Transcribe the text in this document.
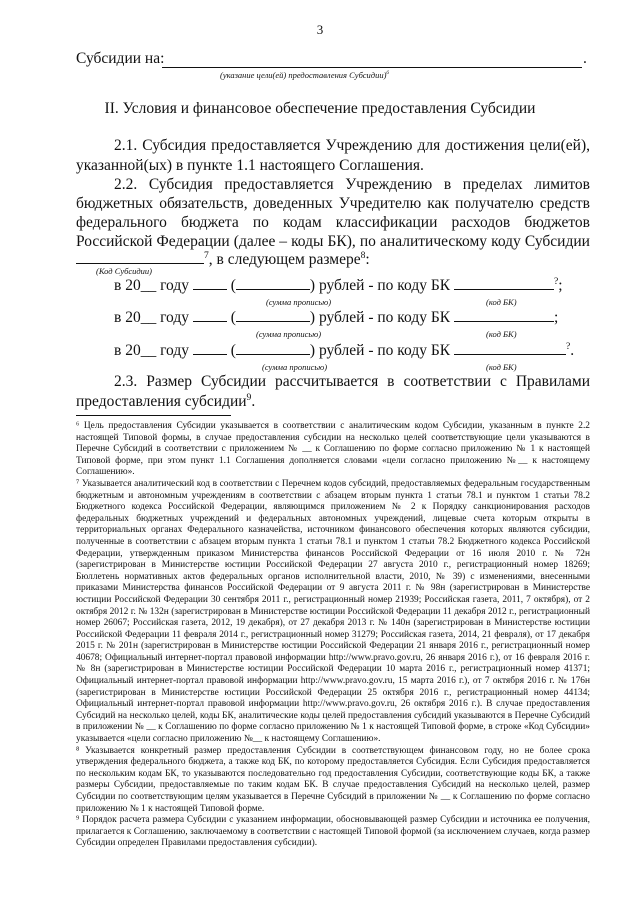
3
Субсидии на:	.
(указание цели(ей) предоставления Субсидии)$^6$
II. Условия и финансовое обеспечение предоставления Субсидии
2.1. Субсидия предоставляется Учреждению для достижения цели(ей),
указанной(ых) в пункте 1.1 настоящего Соглашения.
2.2. Субсидия предоставляется Учреждению в пределах лимитов
бюджетных обязательств, доведенных Учредителю как получателю средств
федерального бюджета по кодам классификации расходов бюджетов
Российской Федерации (далее – коды БК), по аналитическому коду Субсидии
$^7$, в следующем размере$^8$:
(Код Субсидии)
в 20__ году	(	) рублей - по коду БК	?;
(сумма прописью)	(код БК)
в 20__ году	(	) рублей - по коду БК	;
(сумма прописью)	(код БК)
в 20__ году	(	) рублей - по коду БК	?.
(сумма прописью)	(код БК)
2.3. Размер Субсидии рассчитывается в соответствии с Правилами
предоставления субсидии$^9$.

⁶ Цель предоставления Субсидии указывается в соответствии с аналитическим кодом Субсидии, указанным в пункте 2.2 настоящей Типовой формы, в случае предоставления субсидии на несколько целей соответствующие цели указываются в Перечне Субсидий в соответствии с приложением № __ к Соглашению по форме согласно приложению № 1 к настоящей Типовой форме, при этом пункт 1.1 Соглашения дополняется словами «цели согласно приложению №__ к настоящему Соглашению».

⁷ Указывается аналитический код в соответствии с Перечнем кодов субсидий, предоставляемых федеральным государственным бюджетным и автономным учреждениям в соответствии с абзацем вторым пункта 1 статьи 78.1 и пунктом 1 статьи 78.2 Бюджетного кодекса Российской Федерации, являющимся приложением № 2 к Порядку санкционирования расходов федеральных бюджетных учреждений и федеральных автономных учреждений, лицевые счета которым открыты в территориальных органах Федерального казначейства, источником финансового обеспечения которых являются субсидии, полученные в соответствии с абзацем вторым пункта 1 статьи 78.1 и пунктом 1 статьи 78.2 Бюджетного кодекса Российской Федерации, утвержденным приказом Министерства финансов Российской Федерации от 16 июля 2010 г. № 72н (зарегистрирован в Министерстве юстиции Российской Федерации 27 августа 2010 г., регистрационный номер 18269; Бюллетень нормативных актов федеральных органов исполнительной власти, 2010, № 39) с изменениями, внесенными приказами Министерства финансов Российской Федерации от 9 августа 2011 г. № 98н (зарегистрирован в Министерстве юстиции Российской Федерации 30 сентября 2011 г., регистрационный номер 21939; Российская газета, 2011, 7 октября), от 2 октября 2012 г. № 132н (зарегистрирован в Министерстве юстиции Российской Федерации 11 декабря 2012 г., регистрационный номер 26067; Российская газета, 2012, 19 декабря), от 27 декабря 2013 г. № 140н (зарегистрирован в Министерстве юстиции Российской Федерации 11 февраля 2014 г., регистрационный номер 31279; Российская газета, 2014, 21 февраля), от 17 декабря 2015 г. № 201н (зарегистрирован в Министерстве юстиции Российской Федерации 21 января 2016 г., регистрационный номер 40678; Официальный интернет-портал правовой информации http://www.pravo.gov.ru, 26 января 2016 г.), от 16 февраля 2016 г. № 8н (зарегистрирован в Министерстве юстиции Российской Федерации 10 марта 2016 г., регистрационный номер 41371; Официальный интернет-портал правовой информации http://www.pravo.gov.ru, 15 марта 2016 г.), от 7 октября 2016 г. № 176н (зарегистрирован в Министерстве юстиции Российской Федерации 25 октября 2016 г., регистрационный номер 44134; Официальный интернет-портал правовой информации http://www.pravo.gov.ru, 26 октября 2016 г.). В случае предоставления Субсидий на несколько целей, коды БК, аналитические коды целей предоставления субсидий указываются в Перечне Субсидий в приложении № __ к Соглашению по форме согласно приложению № 1 к настоящей Типовой форме, в строке «Код Субсидии» указывается «цели согласно приложению №__ к настоящему Соглашению».

⁸ Указывается конкретный размер предоставления Субсидии в соответствующем финансовом году, но не более срока утверждения федерального бюджета, а также код БК, по которому предоставляется Субсидия. Если Субсидия предоставляется по нескольким кодам БК, то указываются последовательно год предоставления Субсидии, соответствующие коды БК, а также размеры Субсидии, предоставляемые по таким кодам БК. В случае предоставления Субсидий на несколько целей, размер Субсидии по соответствующим целям указывается в Перечне Субсидий в приложении № __ к Соглашению по форме согласно приложению № 1 к настоящей Типовой форме.

⁹ Порядок расчета размера Субсидии с указанием информации, обосновывающей размер Субсидии и источника ее получения, прилагается к Соглашению, заключаемому в соответствии с настоящей Типовой формой (за исключением случаев, когда размер Субсидии определен Правилами предоставления субсидии).
